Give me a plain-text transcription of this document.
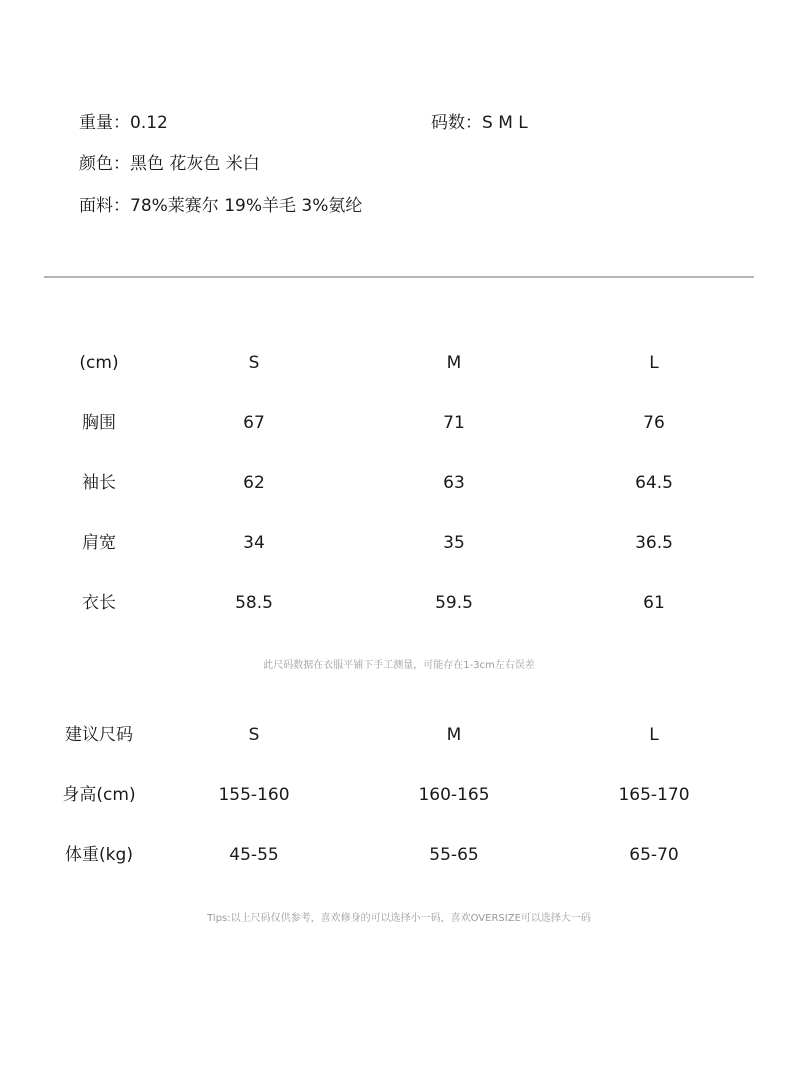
重量：0.12	码数：S M L
颜色：黑色 花灰色 米白
面料：78%莱赛尔 19%羊毛 3%氨纶
(cm)	S	M	L
胸围	67	71	76
袖长	62	63	64.5
肩宽	34	35	36.5
衣长	58.5	59.5	61
此尺码数据在衣服平铺下手工测量，可能存在1-3cm左右误差
建议尺码	S	M	L
身高(cm)	155-160	160-165	165-170
体重(kg)	45-55	55-65	65-70
Tips:以上尺码仅供参考，喜欢修身的可以选择小一码，喜欢OVERSIZE可以选择大一码
